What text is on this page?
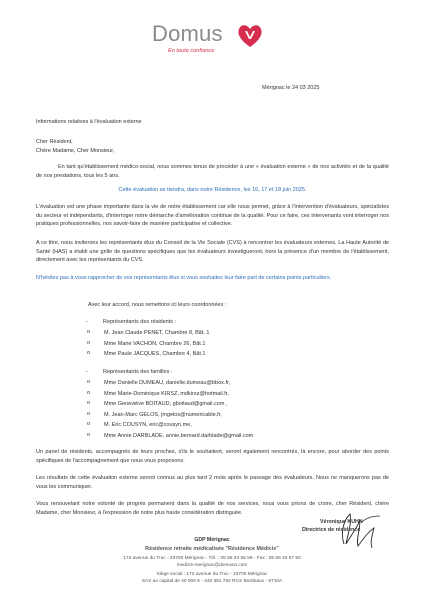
Domus
En toute confiance
Mérignac le 24 03 2025
Informations relatives à l'évaluation externe
Cher Résident,
Chère Madame, Cher Monsieur,
En tant qu'établissement médico-social, nous sommes tenus de procéder à une « évaluation externe » de nos activités et de la qualité de nos prestations, tous les 5 ans.
Cette évaluation se tiendra, dans notre Résidence, les 16, 17 et 18 juin 2025.
L'évaluation est une phase importante dans la vie de notre établissement car elle nous permet, grâce à l'intervention d'évaluateurs, spécialistes du secteur et indépendants, d'interroger notre démarche d'amélioration continue de la qualité. Pour ce faire, ces intervenants vont interroger nos pratiques professionnelles, nos savoir-faire de manière participative et collective.
A ce titre, nous inviterons les représentants élus du Conseil de la Vie Sociale (CVS) à rencontrer les évaluateurs externes. La Haute Autorité de Santé (HAS) a établi une grille de questions spécifiques que les évaluateurs investigueront, hors la présence d'un membre de l'établissement, directement avec les représentants du CVS.
N'hésitez pas à vous rapprocher de vos représentants élus si vous souhaitez leur faire part de certains points particuliers.
Avec leur accord, nous remettons ici leurs coordonnées :
-	Représentants des résidents :
o	M. Jean Claude PENET, Chambre 8, Bât. 1
o	Mme Marie VACHON, Chambre 26, Bât.1
o	Mme Paule JACQUES, Chambre 4, Bât.1
-	Représentants des familles :
o	Mme Danielle DUMEAU, danielle.dumeau@bbox.fr,
o	Mme Marie-Dominique KIRSZ, mdkirsz@hotmail.fr,
o	Mme Geneviève BOITAUD, gboitaud@gmail.com ,
o	M. Jean-Marc GELOS, jmgelos@numericable.fr,
o	M. Eric COUSYN, eric@cousyn.me,
o	Mme Annie DARBLADE, annie.bernard.darblade@gmail.com
Un panel de résidents, accompagnés de leurs proches, s'ils le souhaitent, seront également rencontrés, là encore, pour aborder des points spécifiques de l'accompagnement que nous vous proposons.
Les résultats de cette évaluation externe seront connus au plus tard 2 mois après le passage des évaluateurs. Nous ne manquerons pas de vous les communiquer.
Vous renouvelant notre volonté de progrès permanent dans la qualité de nos services, nous vous prions de croire, cher Résident, chère Madame, cher Monsieur, à l'expression de notre plus haute considération distinguée.
Véronique KUHN
Directrice de résidence
GDP Mérignac
Résidence retraite médicalisée "Résidence Médicis"
172 avenue du Truc - 33700 Mérignac - Tél. : 05 56 34 58 58 - Fax : 05 56 34 57 50
medicis-merignac@domusvi.com
Siège social : 172 avenue du Truc - 33700 Mérignac
SAS au capital de 40 000 € - 345 381 792 RCS Bordeaux - 8710A
